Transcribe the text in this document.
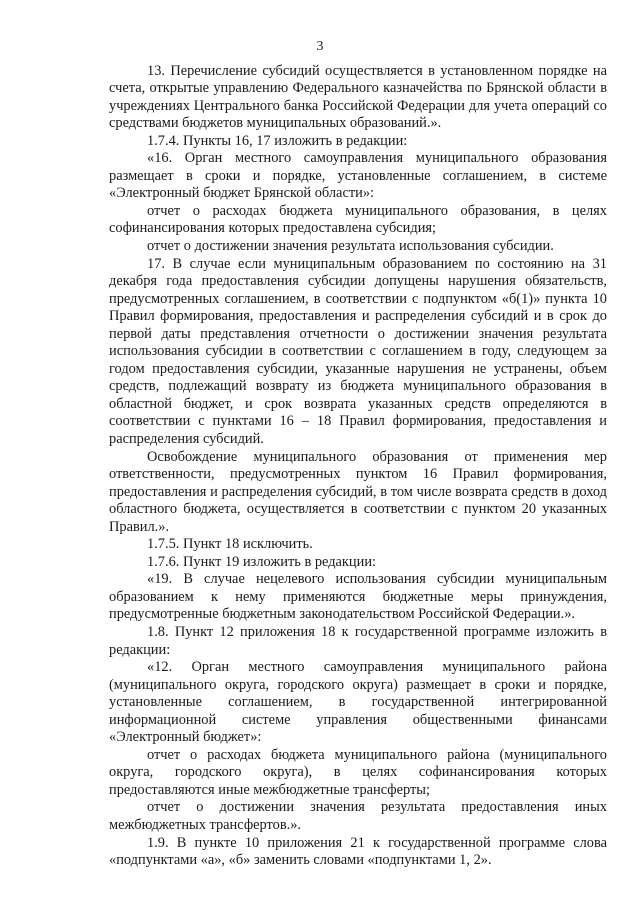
3

13. Перечисление субсидий осуществляется в установленном порядке на счета, открытые управлению Федерального казначейства по Брянской области в учреждениях Центрального банка Российской Федерации для учета операций со средствами бюджетов муниципальных образований.».

1.7.4. Пункты 16, 17 изложить в редакции:

«16. Орган местного самоуправления муниципального образования размещает в сроки и порядке, установленные соглашением, в системе «Электронный бюджет Брянской области»:

отчет о расходах бюджета муниципального образования, в целях софинансирования которых предоставлена субсидия;

отчет о достижении значения результата использования субсидии.

17. В случае если муниципальным образованием по состоянию на 31 декабря года предоставления субсидии допущены нарушения обязательств, предусмотренных соглашением, в соответствии с подпунктом «б(1)» пункта 10 Правил формирования, предоставления и распределения субсидий и в срок до первой даты представления отчетности о достижении значения результата использования субсидии в соответствии с соглашением в году, следующем за годом предоставления субсидии, указанные нарушения не устранены, объем средств, подлежащий возврату из бюджета муниципального образования в областной бюджет, и срок возврата указанных средств определяются в соответствии с пунктами 16 – 18 Правил формирования, предоставления и распределения субсидий.

Освобождение муниципального образования от применения мер ответственности, предусмотренных пунктом 16 Правил формирования, предоставления и распределения субсидий, в том числе возврата средств в доход областного бюджета, осуществляется в соответствии с пунктом 20 указанных Правил.».

1.7.5. Пункт 18 исключить.

1.7.6. Пункт 19 изложить в редакции:

«19. В случае нецелевого использования субсидии муниципальным образованием к нему применяются бюджетные меры принуждения, предусмотренные бюджетным законодательством Российской Федерации.».

1.8. Пункт 12 приложения 18 к государственной программе изложить в редакции:

«12. Орган местного самоуправления муниципального района (муниципального округа, городского округа) размещает в сроки и порядке, установленные соглашением, в государственной интегрированной информационной системе управления общественными финансами «Электронный бюджет»:

отчет о расходах бюджета муниципального района (муниципального округа, городского округа), в целях софинансирования которых предоставляются иные межбюджетные трансферты;

отчет о достижении значения результата предоставления иных межбюджетных трансфертов.».

1.9. В пункте 10 приложения 21 к государственной программе слова «подпунктами «а», «б» заменить словами «подпунктами 1, 2».
